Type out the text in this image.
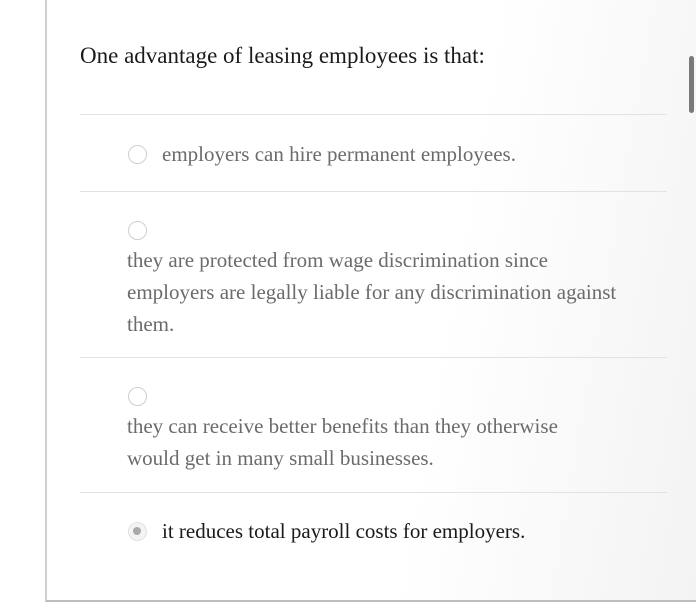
One advantage of leasing employees is that:
employers can hire permanent employees.
they are protected from wage discrimination since employers are legally liable for any discrimination against them.
they can receive better benefits than they otherwise would get in many small businesses.
it reduces total payroll costs for employers.
